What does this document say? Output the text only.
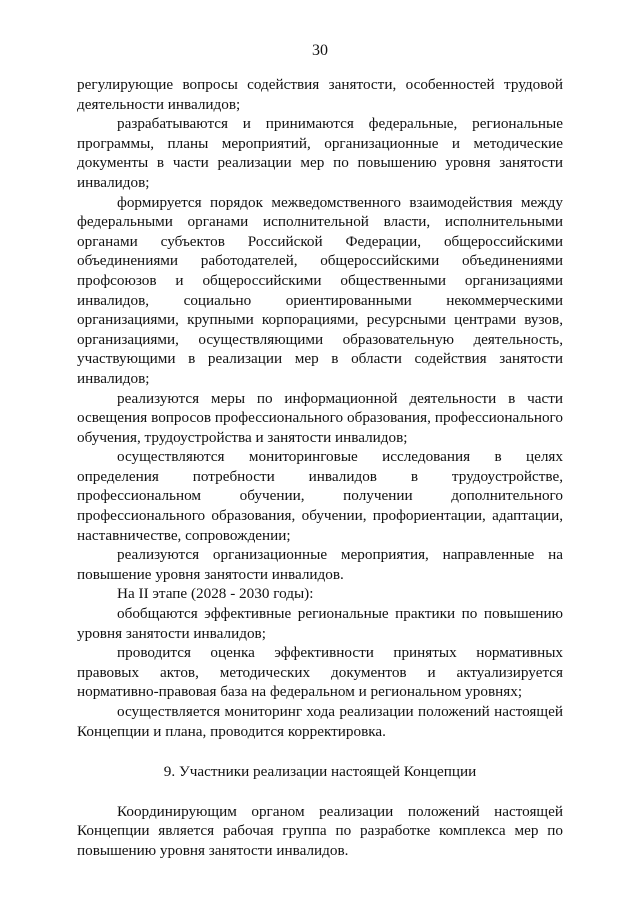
30

регулирующие вопросы содействия занятости, особенностей трудовой деятельности инвалидов;

разрабатываются и принимаются федеральные, региональные программы, планы мероприятий, организационные и методические документы в части реализации мер по повышению уровня занятости инвалидов;

формируется порядок межведомственного взаимодействия между федеральными органами исполнительной власти, исполнительными органами субъектов Российской Федерации, общероссийскими объединениями работодателей, общероссийскими объединениями профсоюзов и общероссийскими общественными организациями инвалидов, социально ориентированными некоммерческими организациями, крупными корпорациями, ресурсными центрами вузов, организациями, осуществляющими образовательную деятельность, участвующими в реализации мер в области содействия занятости инвалидов;

реализуются меры по информационной деятельности в части освещения вопросов профессионального образования, профессионального обучения, трудоустройства и занятости инвалидов;

осуществляются мониторинговые исследования в целях определения потребности инвалидов в трудоустройстве, профессиональном обучении, получении дополнительного профессионального образования, обучении, профориентации, адаптации, наставничестве, сопровождении;

реализуются организационные мероприятия, направленные на повышение уровня занятости инвалидов.

На II этапе (2028 - 2030 годы):

обобщаются эффективные региональные практики по повышению уровня занятости инвалидов;

проводится оценка эффективности принятых нормативных правовых актов, методических документов и актуализируется нормативно-правовая база на федеральном и региональном уровнях;

осуществляется мониторинг хода реализации положений настоящей Концепции и плана, проводится корректировка.

9. Участники реализации настоящей Концепции

Координирующим органом реализации положений настоящей Концепции является рабочая группа по разработке комплекса мер по повышению уровня занятости инвалидов.
